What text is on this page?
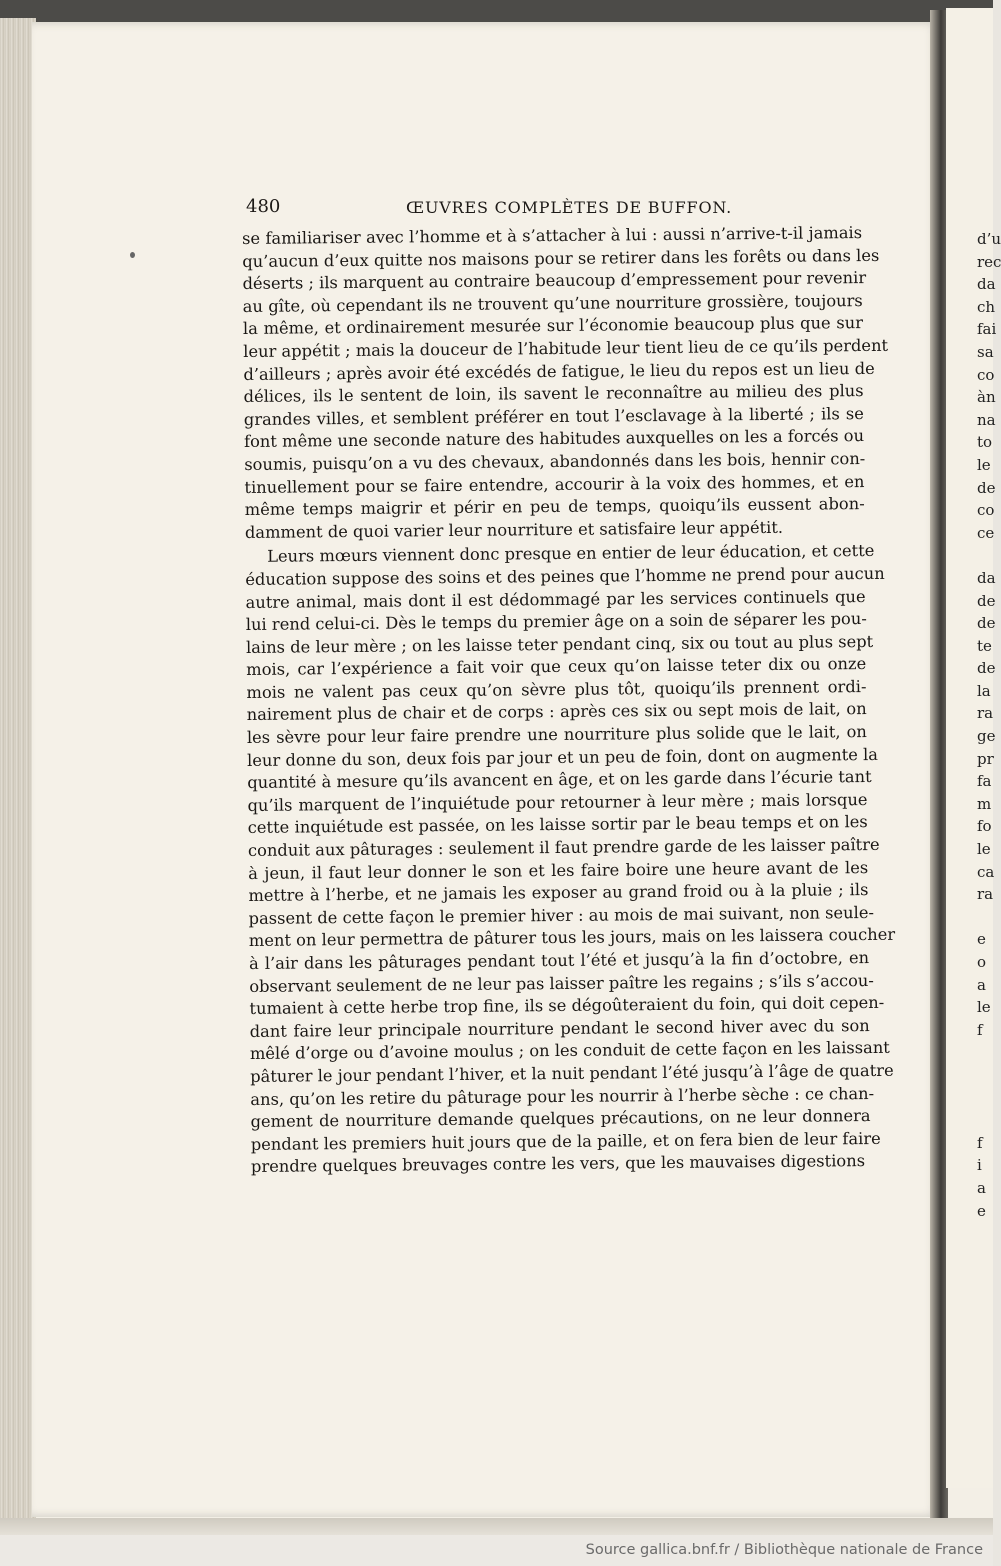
480	ŒUVRES COMPLÈTES DE BUFFON.

se familiariser avec l’homme et à s’attacher à lui : aussi n’arrive-t-il jamais
qu’aucun d’eux quitte nos maisons pour se retirer dans les forêts ou dans les
déserts ; ils marquent au contraire beaucoup d’empressement pour revenir
au gîte, où cependant ils ne trouvent qu’une nourriture grossière, toujours
la même, et ordinairement mesurée sur l’économie beaucoup plus que sur
leur appétit ; mais la douceur de l’habitude leur tient lieu de ce qu’ils perdent
d’ailleurs ; après avoir été excédés de fatigue, le lieu du repos est un lieu de
délices, ils le sentent de loin, ils savent le reconnaître au milieu des plus
grandes villes, et semblent préférer en tout l’esclavage à la liberté ; ils se
font même une seconde nature des habitudes auxquelles on les a forcés ou
soumis, puisqu’on a vu des chevaux, abandonnés dans les bois, hennir con-
tinuellement pour se faire entendre, accourir à la voix des hommes, et en
même temps maigrir et périr en peu de temps, quoiqu’ils eussent abon-
damment de quoi varier leur nourriture et satisfaire leur appétit.

Leurs mœurs viennent donc presque en entier de leur éducation, et cette
éducation suppose des soins et des peines que l’homme ne prend pour aucun
autre animal, mais dont il est dédommagé par les services continuels que
lui rend celui-ci. Dès le temps du premier âge on a soin de séparer les pou-
lains de leur mère ; on les laisse teter pendant cinq, six ou tout au plus sept
mois, car l’expérience a fait voir que ceux qu’on laisse teter dix ou onze
mois ne valent pas ceux qu’on sèvre plus tôt, quoiqu’ils prennent ordi-
nairement plus de chair et de corps : après ces six ou sept mois de lait, on
les sèvre pour leur faire prendre une nourriture plus solide que le lait, on
leur donne du son, deux fois par jour et un peu de foin, dont on augmente la
quantité à mesure qu’ils avancent en âge, et on les garde dans l’écurie tant
qu’ils marquent de l’inquiétude pour retourner à leur mère ; mais lorsque
cette inquiétude est passée, on les laisse sortir par le beau temps et on les
conduit aux pâturages : seulement il faut prendre garde de les laisser paître
à jeun, il faut leur donner le son et les faire boire une heure avant de les
mettre à l’herbe, et ne jamais les exposer au grand froid ou à la pluie ; ils
passent de cette façon le premier hiver : au mois de mai suivant, non seule-
ment on leur permettra de pâturer tous les jours, mais on les laissera coucher
à l’air dans les pâturages pendant tout l’été et jusqu’à la fin d’octobre, en
observant seulement de ne leur pas laisser paître les regains ; s’ils s’accou-
tumaient à cette herbe trop fine, ils se dégoûteraient du foin, qui doit cepen-
dant faire leur principale nourriture pendant le second hiver avec du son
mêlé d’orge ou d’avoine moulus ; on les conduit de cette façon en les laissant
pâturer le jour pendant l’hiver, et la nuit pendant l’été jusqu’à l’âge de quatre
ans, qu’on les retire du pâturage pour les nourrir à l’herbe sèche : ce chan-
gement de nourriture demande quelques précautions, on ne leur donnera
pendant les premiers huit jours que de la paille, et on fera bien de leur faire
prendre quelques breuvages contre les vers, que les mauvaises digestions

d’u
rec
da
ch
fai
sa
co
àn
na
to
le
de
co
ce
da
de
de
te
de
la
ra
ge
pr
fa
m
fo
le
ca
ra
e
o
a
le
f
f
i
a
e
Source gallica.bnf.fr / Bibliothèque nationale de France
